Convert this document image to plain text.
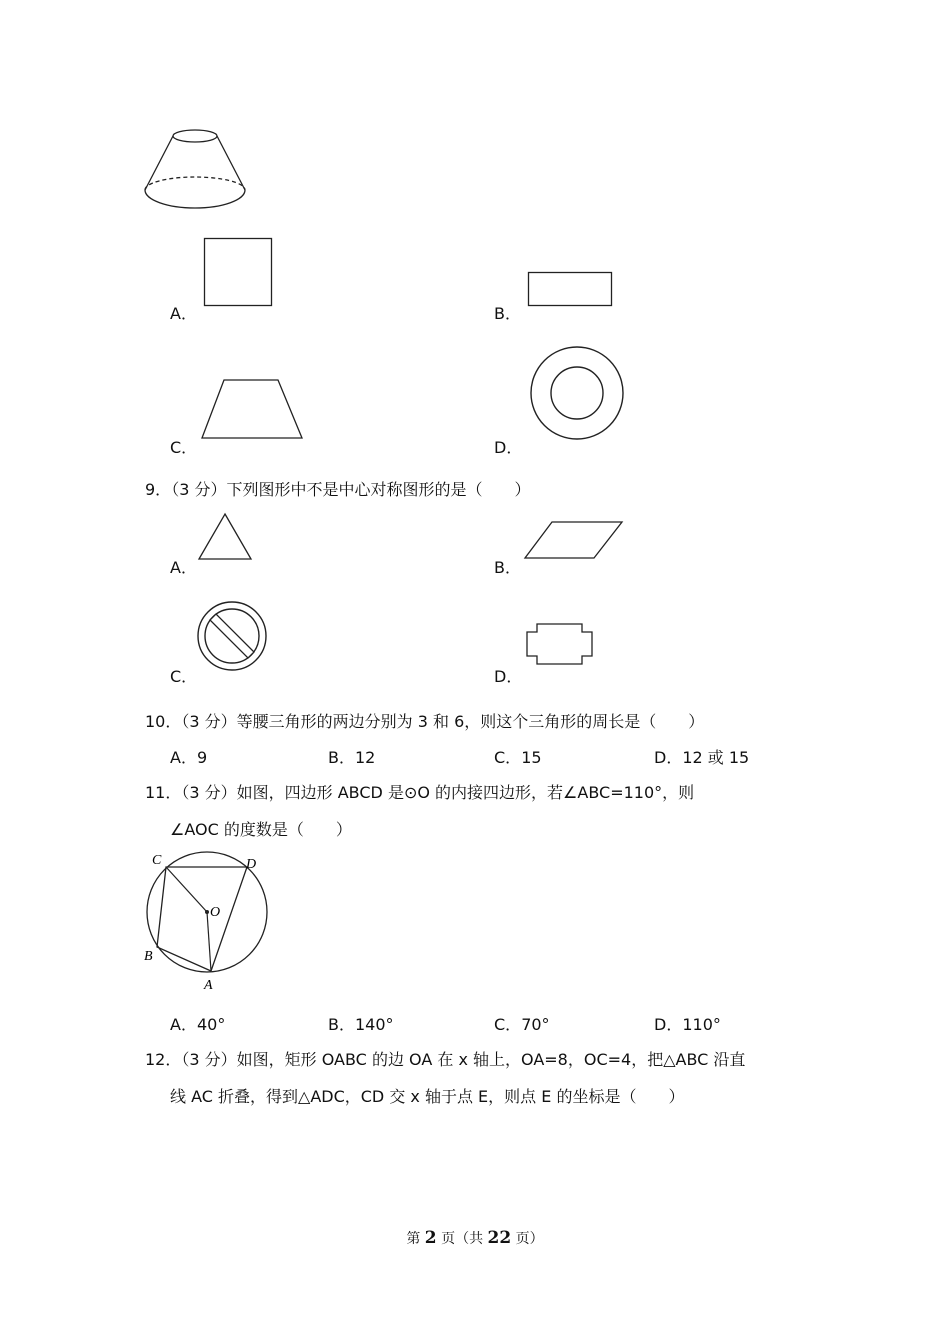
A．	B．
C．	D．
9．（3 分）下列图形中不是中心对称图形的是（　　）
A．	B．
C．	D．
10．（3 分）等腰三角形的两边分别为 3 和 6，则这个三角形的周长是（　　）
A．9	B．12	C．15	D．12 或 15
11．（3 分）如图，四边形 ABCD 是⊙O 的内接四边形，若∠ABC=110°，则
∠AOC 的度数是（　　）
C	D
O
B
A
A．40°	B．140°	C．70°	D．110°
12．（3 分）如图，矩形 OABC 的边 OA 在 x 轴上，OA=8，OC=4，把△ABC 沿直
线 AC 折叠，得到△ADC，CD 交 x 轴于点 E，则点 E 的坐标是（　　）
第 2 页（共 22 页）
